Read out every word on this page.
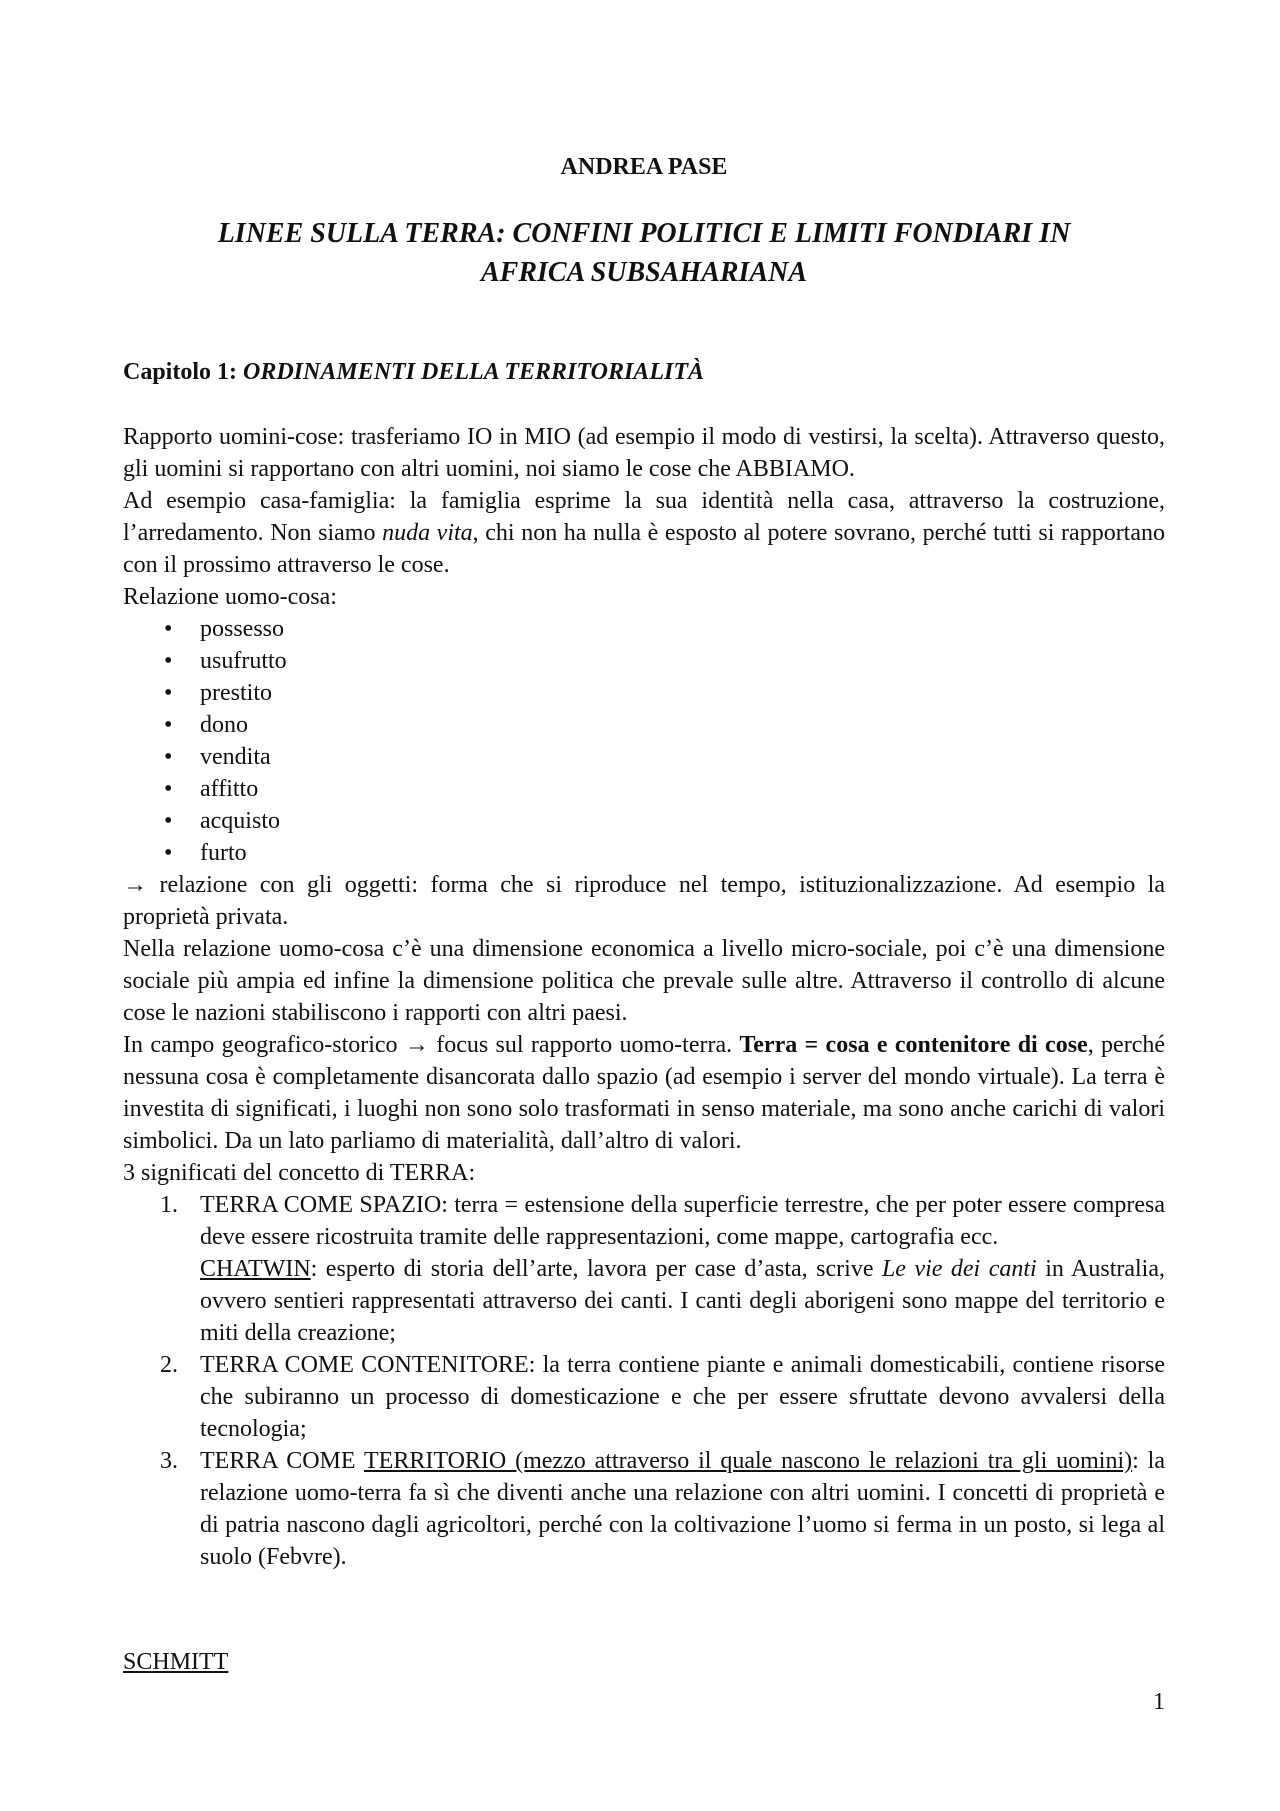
ANDREA PASE
LINEE SULLA TERRA: CONFINI POLITICI E LIMITI FONDIARI IN
AFRICA SUBSAHARIANA
Capitolo 1: ORDINAMENTI DELLA TERRITORIALITÀ

Rapporto uomini-cose: trasferiamo IO in MIO (ad esempio il modo di vestirsi, la scelta). Attraverso questo, gli uomini si rapportano con altri uomini, noi siamo le cose che ABBIAMO.

Ad esempio casa-famiglia: la famiglia esprime la sua identità nella casa, attraverso la costruzione, l’arredamento. Non siamo nuda vita, chi non ha nulla è esposto al potere sovrano, perché tutti si rapportano con il prossimo attraverso le cose.

Relazione uomo-cosa:

• possesso
• usufrutto
• prestito
• dono
• vendita
• affitto
• acquisto
• furto

→ relazione con gli oggetti: forma che si riproduce nel tempo, istituzionalizzazione. Ad esempio la proprietà privata.

Nella relazione uomo-cosa c’è una dimensione economica a livello micro-sociale, poi c’è una dimensione sociale più ampia ed infine la dimensione politica che prevale sulle altre. Attraverso il controllo di alcune cose le nazioni stabiliscono i rapporti con altri paesi.

In campo geografico-storico → focus sul rapporto uomo-terra. Terra = cosa e contenitore di cose, perché nessuna cosa è completamente disancorata dallo spazio (ad esempio i server del mondo virtuale). La terra è investita di significati, i luoghi non sono solo trasformati in senso materiale, ma sono anche carichi di valori simbolici. Da un lato parliamo di materialità, dall’altro di valori.

3 significati del concetto di TERRA:

1. TERRA COME SPAZIO: terra = estensione della superficie terrestre, che per poter essere compresa deve essere ricostruita tramite delle rappresentazioni, come mappe, cartografia ecc.

CHATWIN: esperto di storia dell’arte, lavora per case d’asta, scrive Le vie dei canti in Australia, ovvero sentieri rappresentati attraverso dei canti. I canti degli aborigeni sono mappe del territorio e miti della creazione;

2. TERRA COME CONTENITORE: la terra contiene piante e animali domesticabili, contiene risorse che subiranno un processo di domesticazione e che per essere sfruttate devono avvalersi della tecnologia;

3. TERRA COME TERRITORIO (mezzo attraverso il quale nascono le relazioni tra gli uomini): la relazione uomo-terra fa sì che diventi anche una relazione con altri uomini. I concetti di proprietà e di patria nascono dagli agricoltori, perché con la coltivazione l’uomo si ferma in un posto, si lega al suolo (Febvre).

SCHMITT
1
